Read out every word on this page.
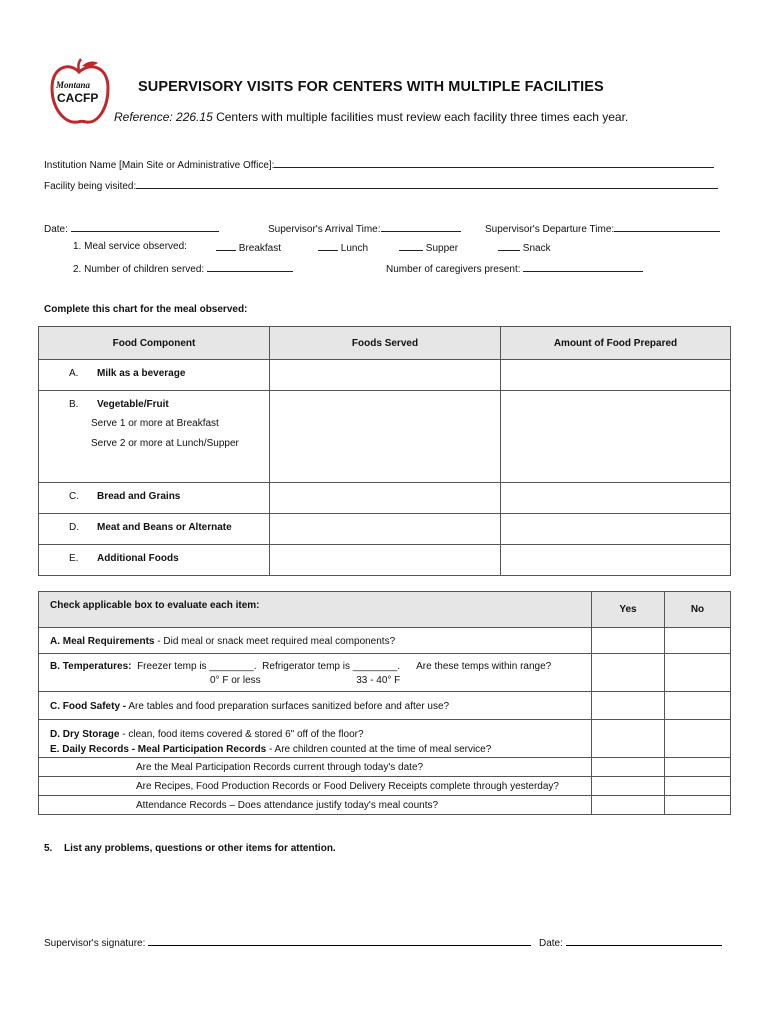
Montana
CACFP
SUPERVISORY VISITS FOR CENTERS WITH MULTIPLE FACILITIES
Reference: 226.15 Centers with multiple facilities must review each facility three times each year.
Institution Name [Main Site or Administrative Office]:
Facility being visited:
Date:	Supervisor's Arrival Time:	Supervisor's Departure Time:
1. Meal service observed:	Breakfast	Lunch	Supper	Snack
2. Number of children served:	Number of caregivers present:
Complete this chart for the meal observed:
Food Component	Foods Served	Amount of Food Prepared
A. Milk as a beverage		
B. Vegetable/Fruit
Serve 1 or more at Breakfast
Serve 2 or more at Lunch/Supper		

C. Bread and Grains		
D. Meat and Beans or Alternate		
E. Additional Foods		
Check applicable box to evaluate each item:	Yes	No
A. Meal Requirements - Did meal or snack meet required meal components?		
B. Temperatures: Freezer temp is ________. Refrigerator temp is ________. Are these temps within range?
0° F or less 33 - 40° F		

C. Food Safety - Are tables and food preparation surfaces sanitized before and after use?		

D. Dry Storage - clean, food items covered & stored 6" off of the floor?
E. Daily Records - Meal Participation Records - Are children counted at the time of meal service?		

Are the Meal Participation Records current through today's date?		
Are Recipes, Food Production Records or Food Delivery Receipts complete through yesterday?		
Attendance Records – Does attendance justify today's meal counts?		
5. List any problems, questions or other items for attention.
Supervisor's signature:	Date:
